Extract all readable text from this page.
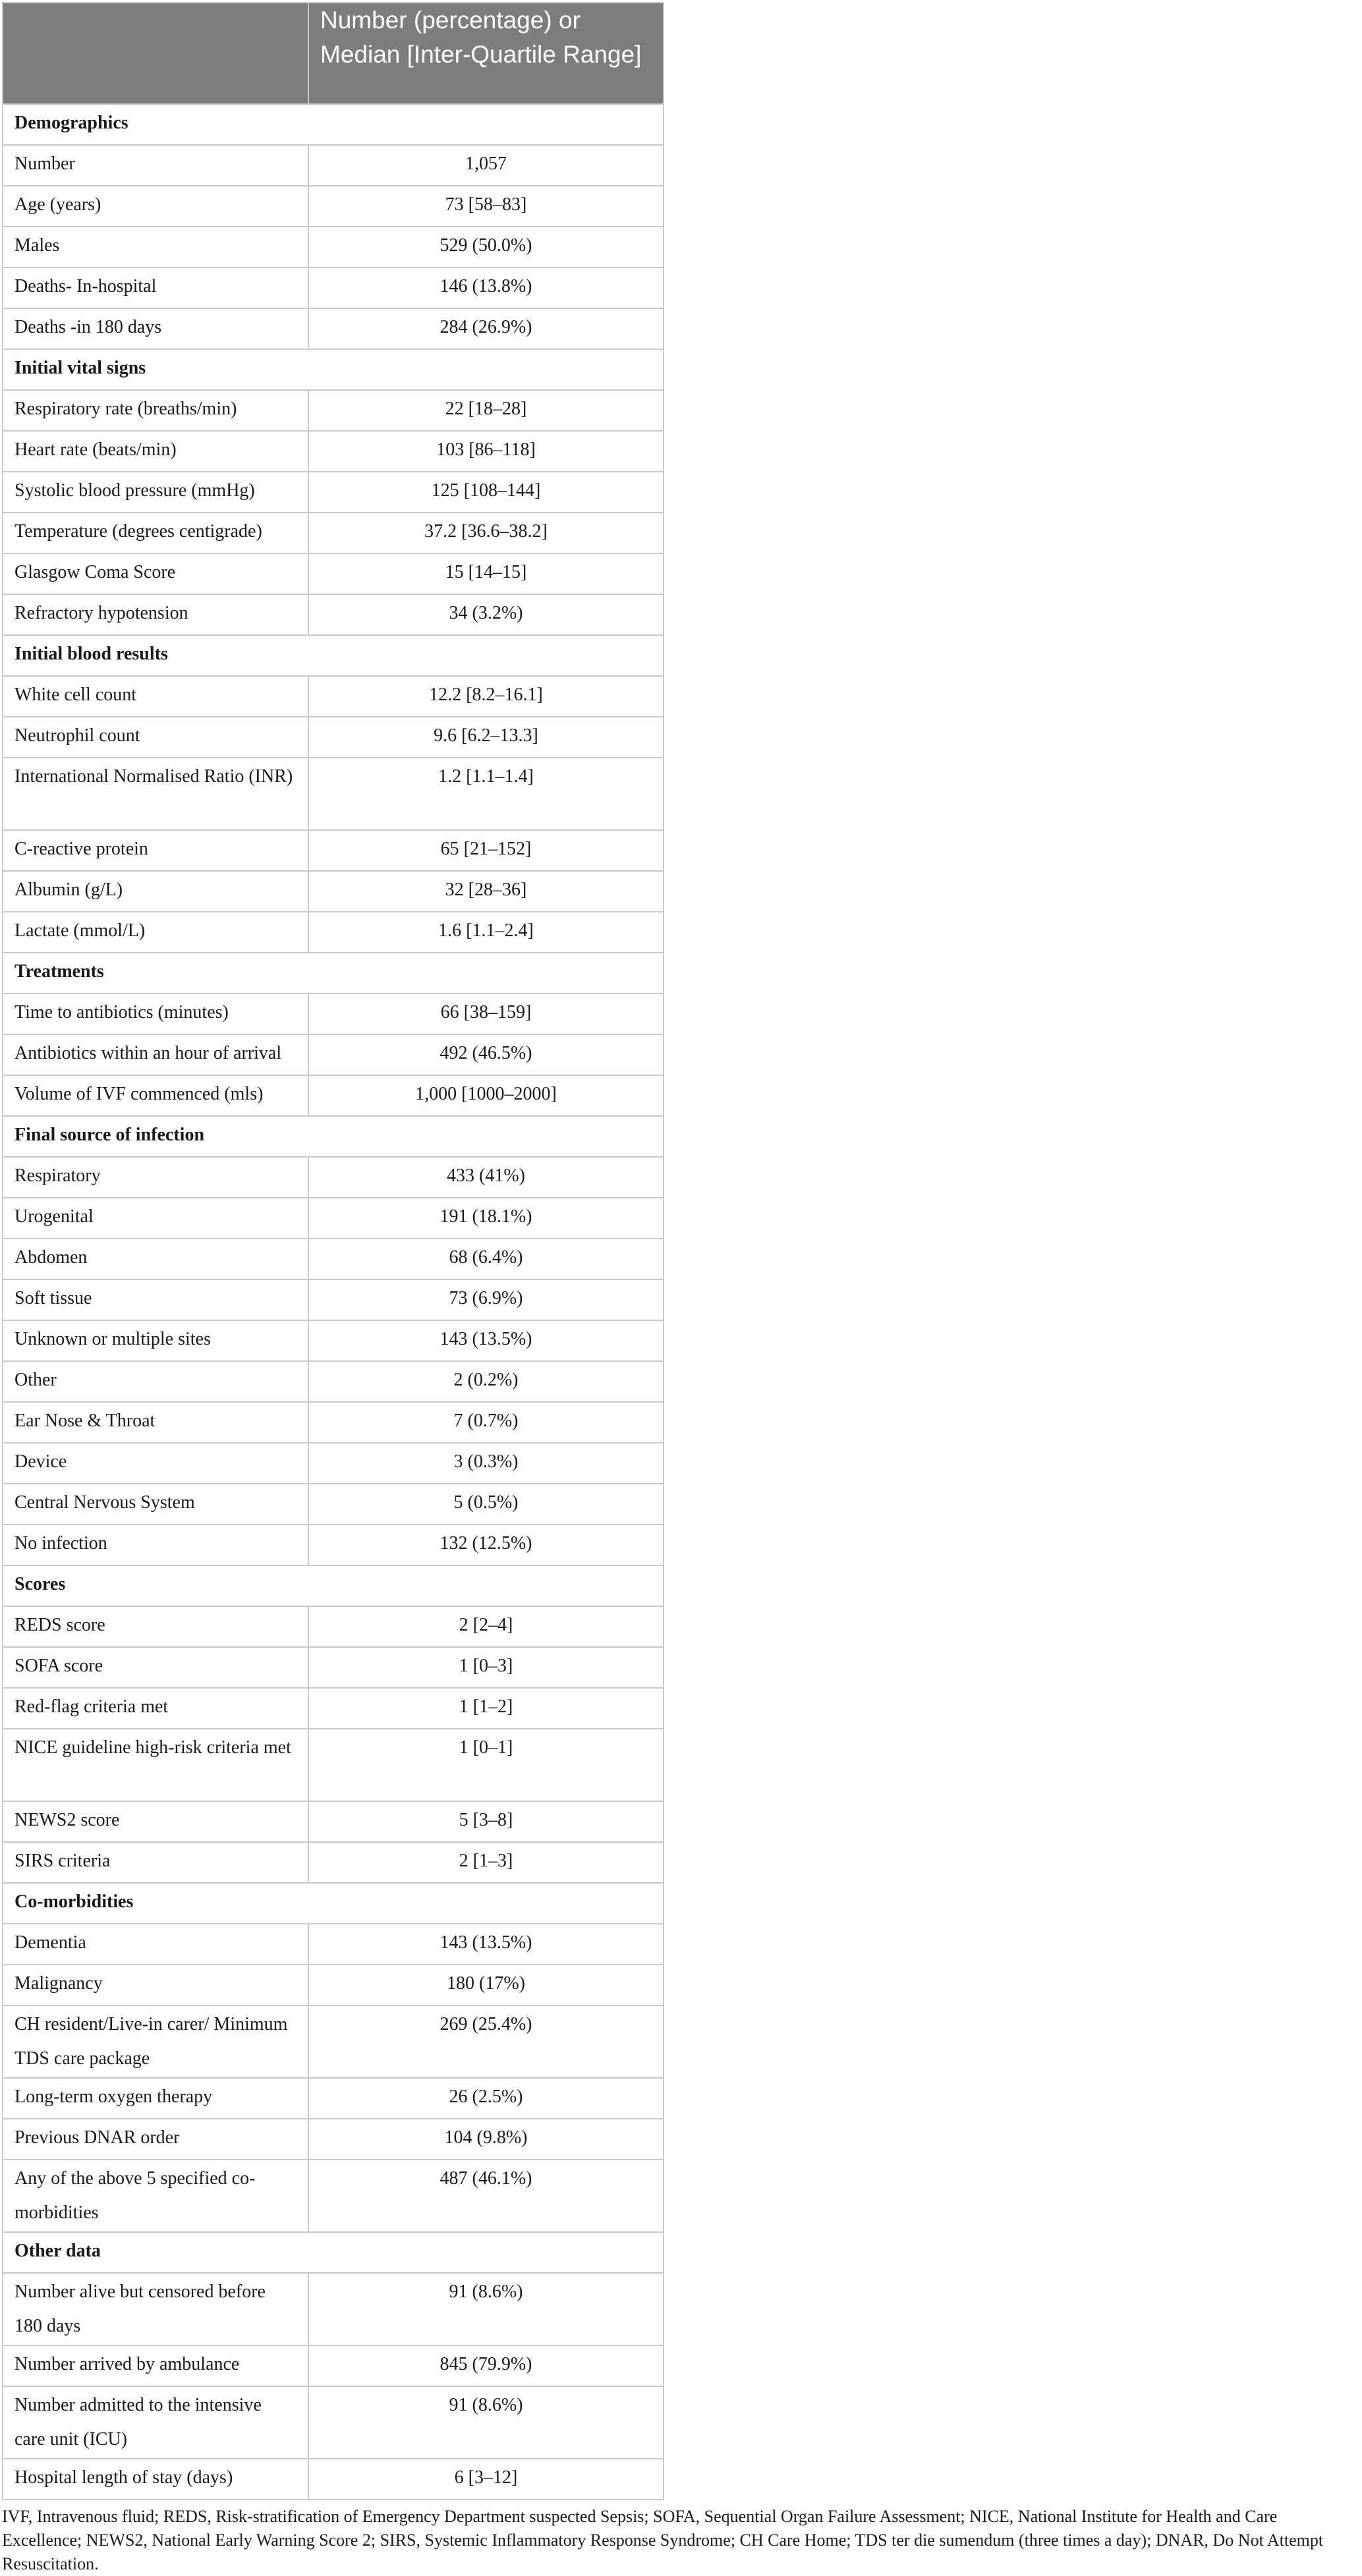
	Number (percentage) or Median [Inter-Quartile Range]
Demographics	
Number	1,057
Age (years)	73 [58–83]
Males	529 (50.0%)
Deaths- In-hospital	146 (13.8%)
Deaths -in 180 days	284 (26.9%)
Initial vital signs	
Respiratory rate (breaths/min)	22 [18–28]
Heart rate (beats/min)	103 [86–118]
Systolic blood pressure (mmHg)	125 [108–144]
Temperature (degrees centigrade)	37.2 [36.6–38.2]
Glasgow Coma Score	15 [14–15]
Refractory hypotension	34 (3.2%)
Initial blood results	
White cell count	12.2 [8.2–16.1]
Neutrophil count	9.6 [6.2–13.3]
International Normalised Ratio (INR)	1.2 [1.1–1.4]
C-reactive protein	65 [21–152]
Albumin (g/L)	32 [28–36]
Lactate (mmol/L)	1.6 [1.1–2.4]
Treatments	
Time to antibiotics (minutes)	66 [38–159]
Antibiotics within an hour of arrival	492 (46.5%)
Volume of IVF commenced (mls)	1,000 [1000–2000]
Final source of infection	
Respiratory	433 (41%)
Urogenital	191 (18.1%)
Abdomen	68 (6.4%)
Soft tissue	73 (6.9%)
Unknown or multiple sites	143 (13.5%)
Other	2 (0.2%)
Ear Nose & Throat	7 (0.7%)
Device	3 (0.3%)
Central Nervous System	5 (0.5%)
No infection	132 (12.5%)
Scores	
REDS score	2 [2–4]
SOFA score	1 [0–3]
Red-flag criteria met	1 [1–2]
NICE guideline high-risk criteria met	1 [0–1]
NEWS2 score	5 [3–8]
SIRS criteria	2 [1–3]
Co-morbidities	
Dementia	143 (13.5%)
Malignancy	180 (17%)
CH resident/Live-in carer/ Minimum TDS care package	269 (25.4%)
Long-term oxygen therapy	26 (2.5%)
Previous DNAR order	104 (9.8%)
Any of the above 5 specified co-morbidities	487 (46.1%)
Other data	
Number alive but censored before 180 days	91 (8.6%)
Number arrived by ambulance	845 (79.9%)
Number admitted to the intensive care unit (ICU)	91 (8.6%)
Hospital length of stay (days)	6 [3–12]
IVF, Intravenous fluid; REDS, Risk-stratification of Emergency Department suspected Sepsis; SOFA, Sequential Organ Failure Assessment; NICE, National Institute for Health and Care Excellence; NEWS2, National Early Warning Score 2; SIRS, Systemic Inflammatory Response Syndrome; CH Care Home; TDS ter die sumendum (three times a day); DNAR, Do Not Attempt Resuscitation.
